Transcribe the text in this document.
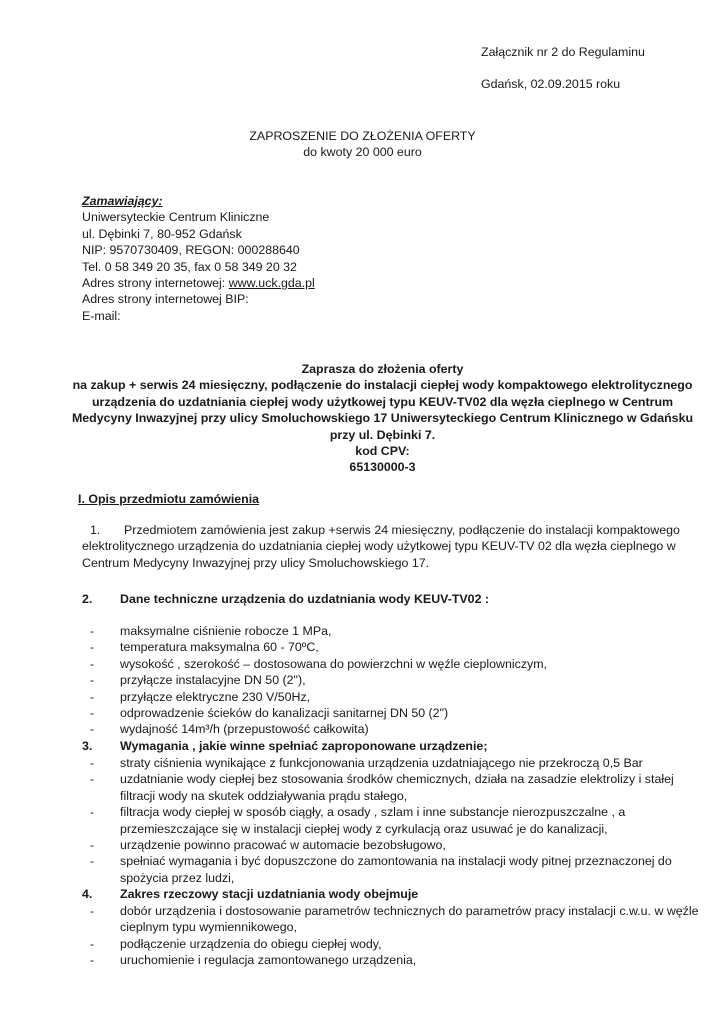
Załącznik nr 2 do Regulaminu
Gdańsk, 02.09.2015 roku
ZAPROSZENIE DO ZŁOŻENIA OFERTY
do kwoty 20 000 euro
Zamawiający:
Uniwersyteckie Centrum Kliniczne
ul. Dębinki 7, 80-952 Gdańsk
NIP: 9570730409, REGON: 000288640
Tel. 0 58 349 20 35, fax 0 58 349 20 32
Adres strony internetowej: www.uck.gda.pl
Adres strony internetowej BIP:
E-mail:
Zaprasza do złożenia oferty
na zakup + serwis 24 miesięczny, podłączenie do instalacji ciepłej wody kompaktowego elektrolitycznego
urządzenia do uzdatniania ciepłej wody użytkowej typu KEUV-TV02 dla węzła cieplnego w Centrum
Medycyny Inwazyjnej przy ulicy Smoluchowskiego 17 Uniwersyteckiego Centrum Klinicznego w Gdańsku
przy ul. Dębinki 7.
kod CPV:
65130000-3
I. Opis przedmiotu zamówienia
1. Przedmiotem zamówienia jest zakup +serwis 24 miesięczny, podłączenie do instalacji kompaktowego elektrolitycznego urządzenia do uzdatniania ciepłej wody użytkowej typu KEUV-TV 02 dla węzła cieplnego w Centrum Medycyny Inwazyjnej przy ulicy Smoluchowskiego 17.
2. Dane techniczne urządzenia do uzdatniania wody KEUV-TV02 :
- maksymalne ciśnienie robocze 1 MPa,
- temperatura maksymalna 60 - 70ºC,
- wysokość , szerokość – dostosowana do powierzchni w węźle cieplowniczym,
- przyłącze instalacyjne DN 50 (2"),
- przyłącze elektryczne 230 V/50Hz,
- odprowadzenie ścieków do kanalizacji sanitarnej DN 50 (2")
- wydajność 14m³/h (przepustowość całkowita)
3. Wymagania , jakie winne spełniać zaproponowane urządzenie;
- straty ciśnienia wynikające z funkcjonowania urządzenia uzdatniającego nie przekroczą 0,5 Bar
- uzdatnianie wody ciepłej bez stosowania środków chemicznych, działa na zasadzie elektrolizy i stałej filtracji wody na skutek oddziaływania prądu stałego,
- filtracja wody ciepłej w sposób ciągły, a osady , szlam i inne substancje nierozpuszczalne , a przemieszczające się w instalacji ciepłej wody z cyrkulacją oraz usuwać je do kanalizacji,
- urządzenie powinno pracować w automacie bezobsługowo,
- spełniać wymagania i być dopuszczone do zamontowania na instalacji wody pitnej przeznaczonej do spożycia przez ludzi,
4. Zakres rzeczowy stacji uzdatniania wody obejmuje
- dobór urządzenia i dostosowanie parametrów technicznych do parametrów pracy instalacji c.w.u. w węźle cieplnym typu wymiennikowego,
- podłączenie urządzenia do obiegu ciepłej wody,
- uruchomienie i regulacja zamontowanego urządzenia,
